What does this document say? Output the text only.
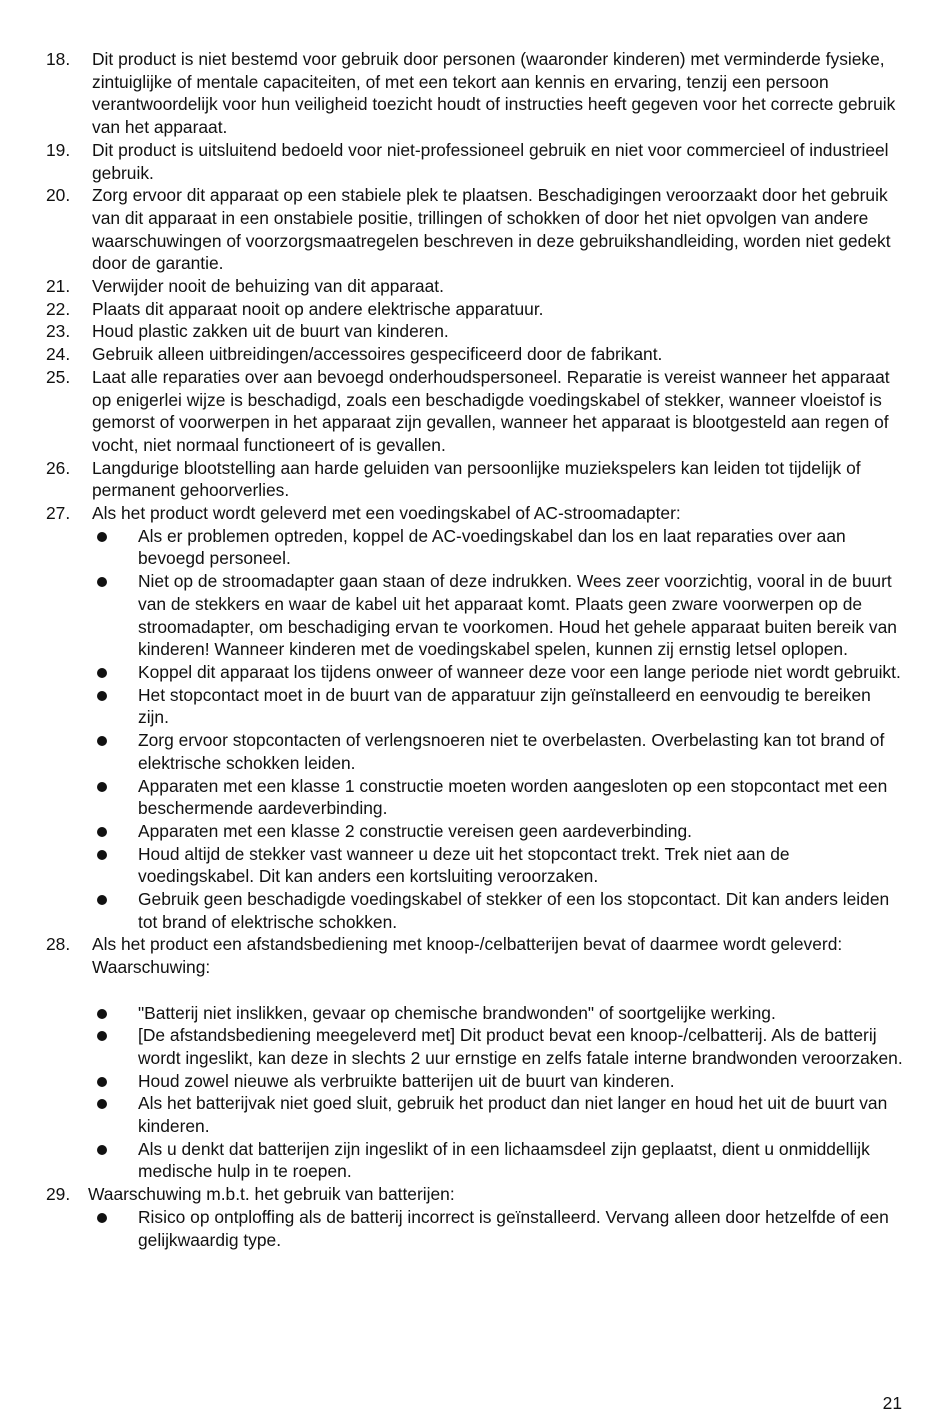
18. Dit product is niet bestemd voor gebruik door personen (waaronder kinderen) met verminderde fysieke, zintuiglijke of mentale capaciteiten, of met een tekort aan kennis en ervaring, tenzij een persoon verantwoordelijk voor hun veiligheid toezicht houdt of instructies heeft gegeven voor het correcte gebruik van het apparaat.
19. Dit product is uitsluitend bedoeld voor niet-professioneel gebruik en niet voor commercieel of industrieel gebruik.
20. Zorg ervoor dit apparaat op een stabiele plek te plaatsen. Beschadigingen veroorzaakt door het gebruik van dit apparaat in een onstabiele positie, trillingen of schokken of door het niet opvolgen van andere waarschuwingen of voorzorgsmaatregelen beschreven in deze gebruikshandleiding, worden niet gedekt door de garantie.
21. Verwijder nooit de behuizing van dit apparaat.
22. Plaats dit apparaat nooit op andere elektrische apparatuur.
23. Houd plastic zakken uit de buurt van kinderen.
24. Gebruik alleen uitbreidingen/accessoires gespecificeerd door de fabrikant.
25. Laat alle reparaties over aan bevoegd onderhoudspersoneel. Reparatie is vereist wanneer het apparaat op enigerlei wijze is beschadigd, zoals een beschadigde voedingskabel of stekker, wanneer vloeistof is gemorst of voorwerpen in het apparaat zijn gevallen, wanneer het apparaat is blootgesteld aan regen of vocht, niet normaal functioneert of is gevallen.
26. Langdurige blootstelling aan harde geluiden van persoonlijke muziekspelers kan leiden tot tijdelijk of permanent gehoorverlies.
27. Als het product wordt geleverd met een voedingskabel of AC-stroomadapter:
Als er problemen optreden, koppel de AC-voedingskabel dan los en laat reparaties over aan bevoegd personeel.
Niet op de stroomadapter gaan staan of deze indrukken. Wees zeer voorzichtig, vooral in de buurt van de stekkers en waar de kabel uit het apparaat komt. Plaats geen zware voorwerpen op de stroomadapter, om beschadiging ervan te voorkomen. Houd het gehele apparaat buiten bereik van kinderen! Wanneer kinderen met de voedingskabel spelen, kunnen zij ernstig letsel oplopen.
Koppel dit apparaat los tijdens onweer of wanneer deze voor een lange periode niet wordt gebruikt.
Het stopcontact moet in de buurt van de apparatuur zijn geïnstalleerd en eenvoudig te bereiken zijn.
Zorg ervoor stopcontacten of verlengsnoeren niet te overbelasten. Overbelasting kan tot brand of elektrische schokken leiden.
Apparaten met een klasse 1 constructie moeten worden aangesloten op een stopcontact met een beschermende aardeverbinding.
Apparaten met een klasse 2 constructie vereisen geen aardeverbinding.
Houd altijd de stekker vast wanneer u deze uit het stopcontact trekt. Trek niet aan de voedingskabel. Dit kan anders een kortsluiting veroorzaken.
Gebruik geen beschadigde voedingskabel of stekker of een los stopcontact. Dit kan anders leiden tot brand of elektrische schokken.
28. Als het product een afstandsbediening met knoop-/celbatterijen bevat of daarmee wordt geleverd:
Waarschuwing:
"Batterij niet inslikken, gevaar op chemische brandwonden" of soortgelijke werking.
[De afstandsbediening meegeleverd met] Dit product bevat een knoop-/celbatterij. Als de batterij wordt ingeslikt, kan deze in slechts 2 uur ernstige en zelfs fatale interne brandwonden veroorzaken.
Houd zowel nieuwe als verbruikte batterijen uit de buurt van kinderen.
Als het batterijvak niet goed sluit, gebruik het product dan niet langer en houd het uit de buurt van kinderen.
Als u denkt dat batterijen zijn ingeslikt of in een lichaamsdeel zijn geplaatst, dient u onmiddellijk medische hulp in te roepen.
29. Waarschuwing m.b.t. het gebruik van batterijen:
Risico op ontploffing als de batterij incorrect is geïnstalleerd. Vervang alleen door hetzelfde of een gelijkwaardig type.
21
